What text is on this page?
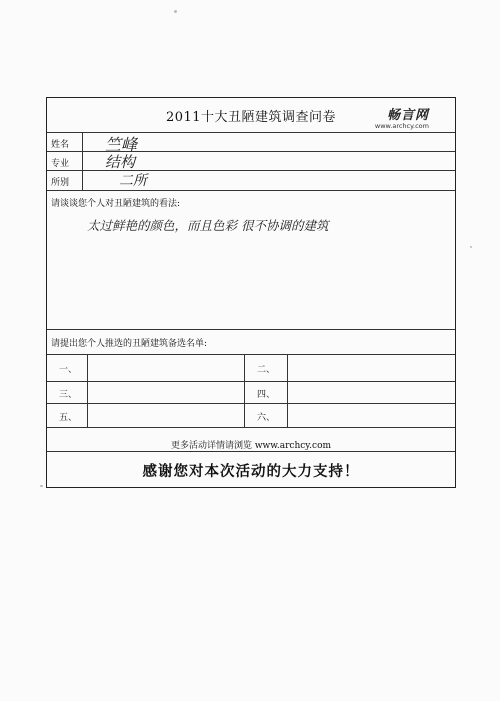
2011十大丑陋建筑调查问卷	畅言网
www.archcy.com
姓名 竺峰
专业 结构
所别	二所
请谈谈您个人对丑陋建筑的看法:
太过鲜艳的颜色，而且色彩 很不协调的建筑
请提出您个人推选的丑陋建筑备选名单:
一、	二、
三、	四、
五、	六、
更多活动详情请浏览 www.archcy.com
感谢您对本次活动的大力支持！
